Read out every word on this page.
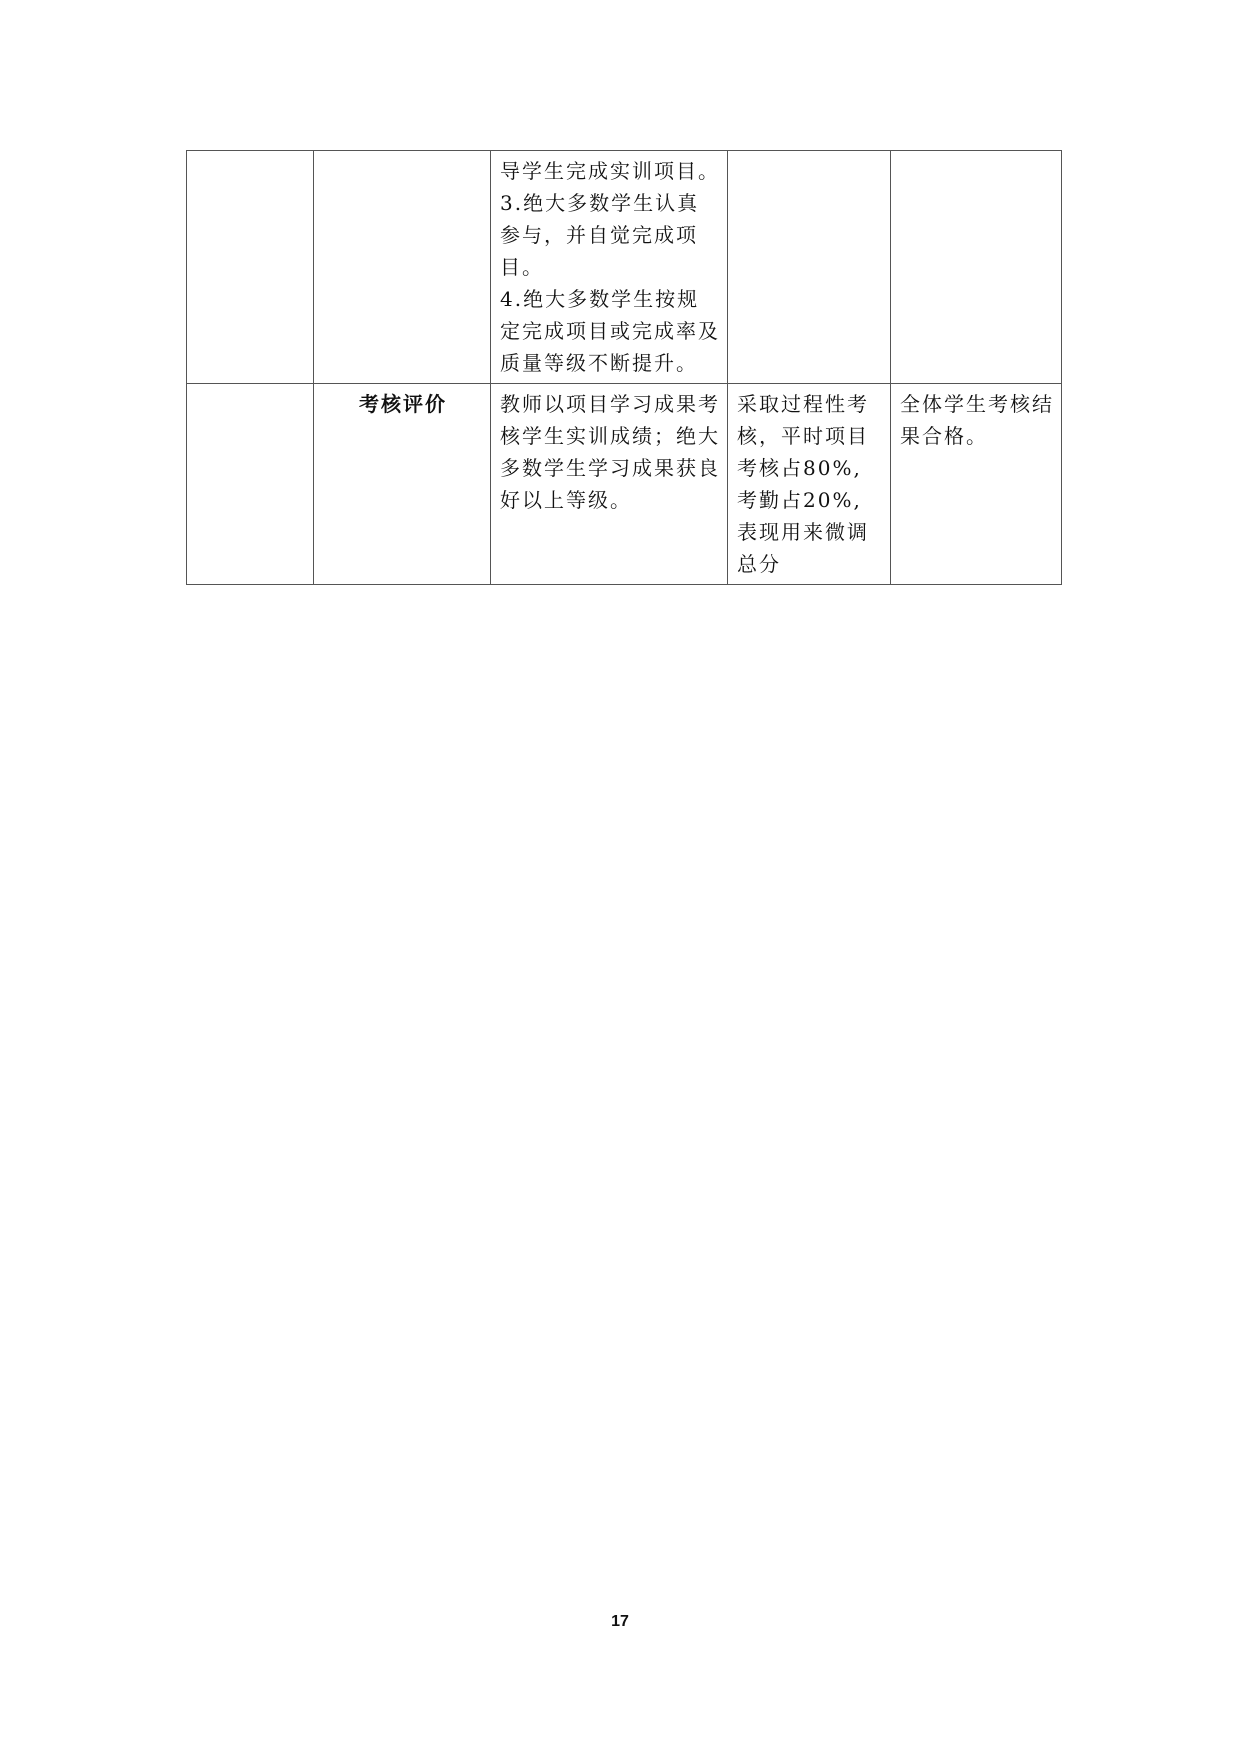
		导学生完成实训项目。
3.绝大多数学生认真参与，并自觉完成项目。
4.绝大多数学生按规定完成项目或完成率及质量等级不断提升。		
	考核评价	教师以项目学习成果考核学生实训成绩；绝大多数学生学习成果获良好以上等级。	采取过程性考核，平时项目考核占80%,考勤占20%,表现用来微调总分	全体学生考核结果合格。
17
